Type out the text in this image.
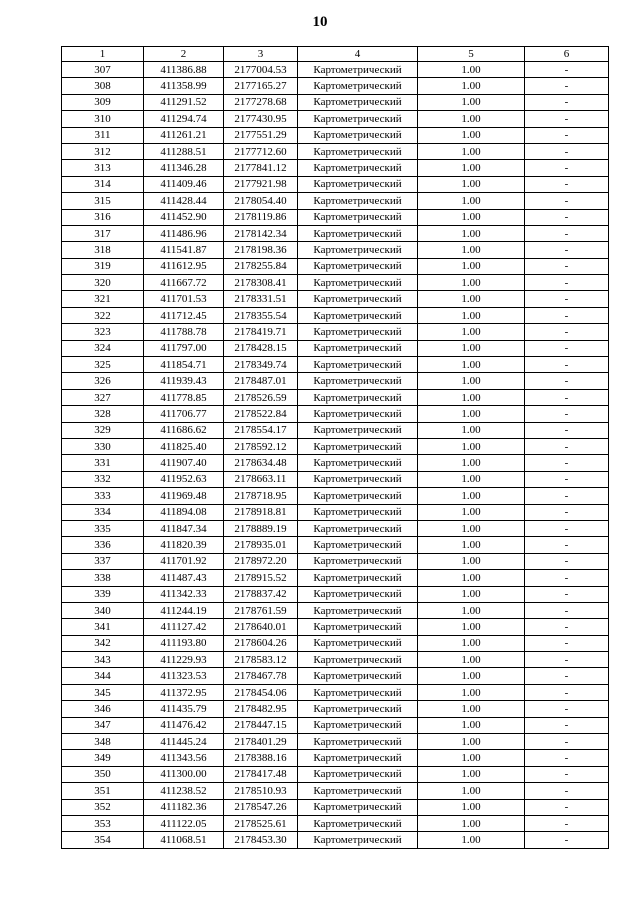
10
1	2	3	4	5	6
307	411386.88	2177004.53	Картометрический	1.00	-
308	411358.99	2177165.27	Картометрический	1.00	-
309	411291.52	2177278.68	Картометрический	1.00	-
310	411294.74	2177430.95	Картометрический	1.00	-
311	411261.21	2177551.29	Картометрический	1.00	-
312	411288.51	2177712.60	Картометрический	1.00	-
313	411346.28	2177841.12	Картометрический	1.00	-
314	411409.46	2177921.98	Картометрический	1.00	-
315	411428.44	2178054.40	Картометрический	1.00	-
316	411452.90	2178119.86	Картометрический	1.00	-
317	411486.96	2178142.34	Картометрический	1.00	-
318	411541.87	2178198.36	Картометрический	1.00	-
319	411612.95	2178255.84	Картометрический	1.00	-
320	411667.72	2178308.41	Картометрический	1.00	-
321	411701.53	2178331.51	Картометрический	1.00	-
322	411712.45	2178355.54	Картометрический	1.00	-
323	411788.78	2178419.71	Картометрический	1.00	-
324	411797.00	2178428.15	Картометрический	1.00	-
325	411854.71	2178349.74	Картометрический	1.00	-
326	411939.43	2178487.01	Картометрический	1.00	-
327	411778.85	2178526.59	Картометрический	1.00	-
328	411706.77	2178522.84	Картометрический	1.00	-
329	411686.62	2178554.17	Картометрический	1.00	-
330	411825.40	2178592.12	Картометрический	1.00	-
331	411907.40	2178634.48	Картометрический	1.00	-
332	411952.63	2178663.11	Картометрический	1.00	-
333	411969.48	2178718.95	Картометрический	1.00	-
334	411894.08	2178918.81	Картометрический	1.00	-
335	411847.34	2178889.19	Картометрический	1.00	-
336	411820.39	2178935.01	Картометрический	1.00	-
337	411701.92	2178972.20	Картометрический	1.00	-
338	411487.43	2178915.52	Картометрический	1.00	-
339	411342.33	2178837.42	Картометрический	1.00	-
340	411244.19	2178761.59	Картометрический	1.00	-
341	411127.42	2178640.01	Картометрический	1.00	-
342	411193.80	2178604.26	Картометрический	1.00	-
343	411229.93	2178583.12	Картометрический	1.00	-
344	411323.53	2178467.78	Картометрический	1.00	-
345	411372.95	2178454.06	Картометрический	1.00	-
346	411435.79	2178482.95	Картометрический	1.00	-
347	411476.42	2178447.15	Картометрический	1.00	-
348	411445.24	2178401.29	Картометрический	1.00	-
349	411343.56	2178388.16	Картометрический	1.00	-
350	411300.00	2178417.48	Картометрический	1.00	-
351	411238.52	2178510.93	Картометрический	1.00	-
352	411182.36	2178547.26	Картометрический	1.00	-
353	411122.05	2178525.61	Картометрический	1.00	-
354	411068.51	2178453.30	Картометрический	1.00	-
